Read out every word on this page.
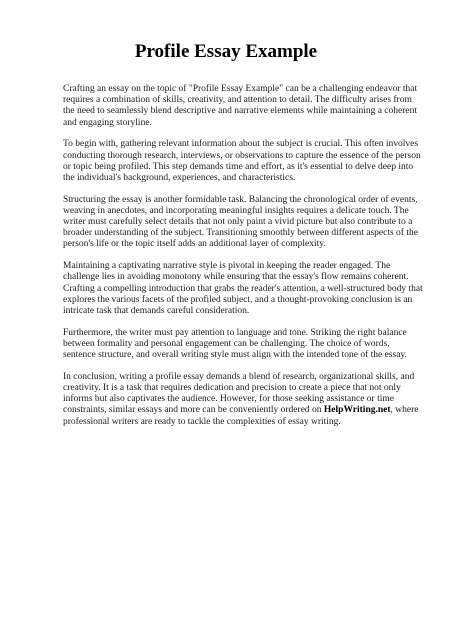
Profile Essay Example

Crafting an essay on the topic of "Profile Essay Example" can be a challenging endeavor that requires a combination of skills, creativity, and attention to detail. The difficulty arises from the need to seamlessly blend descriptive and narrative elements while maintaining a coherent and engaging storyline.

To begin with, gathering relevant information about the subject is crucial. This often involves conducting thorough research, interviews, or observations to capture the essence of the person or topic being profiled. This step demands time and effort, as it's essential to delve deep into the individual's background, experiences, and characteristics.

Structuring the essay is another formidable task. Balancing the chronological order of events, weaving in anecdotes, and incorporating meaningful insights requires a delicate touch. The writer must carefully select details that not only paint a vivid picture but also contribute to a broader understanding of the subject. Transitioning smoothly between different aspects of the person's life or the topic itself adds an additional layer of complexity.

Maintaining a captivating narrative style is pivotal in keeping the reader engaged. The challenge lies in avoiding monotony while ensuring that the essay's flow remains coherent. Crafting a compelling introduction that grabs the reader's attention, a well-structured body that explores the various facets of the profiled subject, and a thought-provoking conclusion is an intricate task that demands careful consideration.

Furthermore, the writer must pay attention to language and tone. Striking the right balance between formality and personal engagement can be challenging. The choice of words, sentence structure, and overall writing style must align with the intended tone of the essay.

In conclusion, writing a profile essay demands a blend of research, organizational skills, and creativity. It is a task that requires dedication and precision to create a piece that not only informs but also captivates the audience. However, for those seeking assistance or time constraints, similar essays and more can be conveniently ordered on HelpWriting.net, where professional writers are ready to tackle the complexities of essay writing.
